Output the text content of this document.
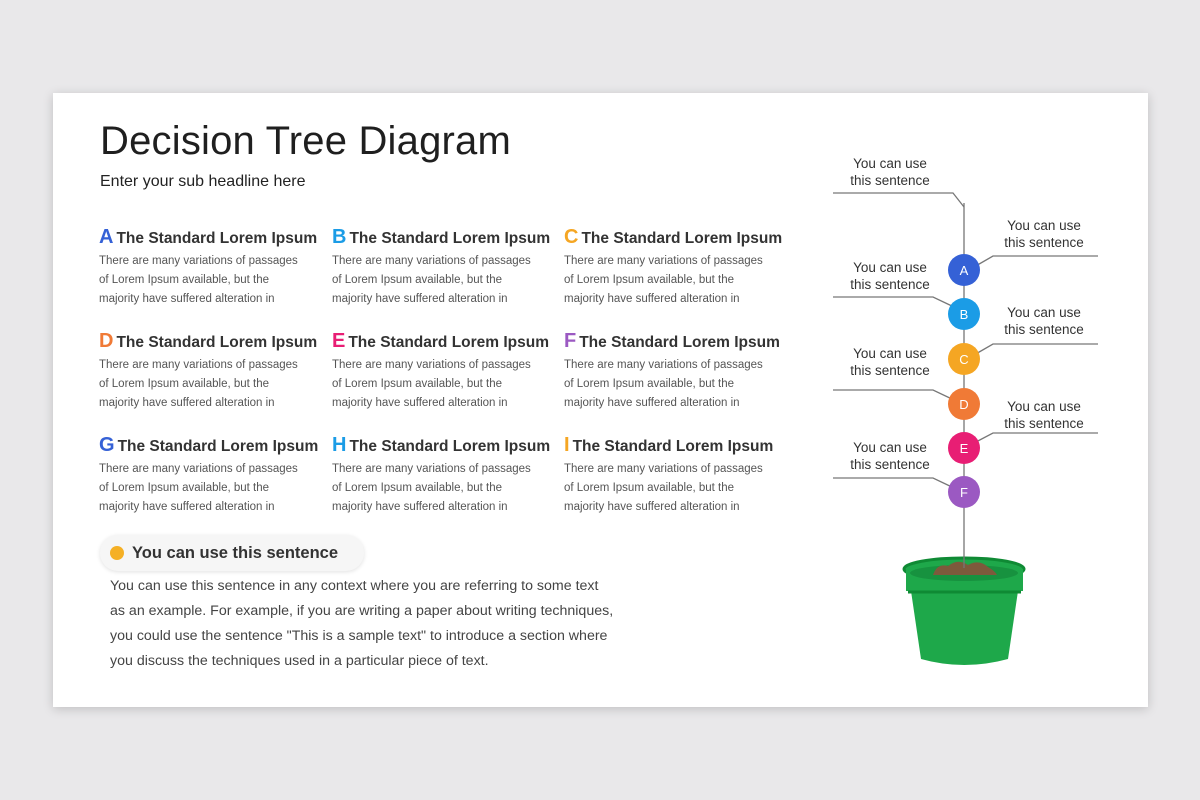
Decision Tree Diagram
Enter your sub headline here
A The Standard Lorem Ipsum
There are many variations of passages of Lorem Ipsum available, but the majority have suffered alteration in
B The Standard Lorem Ipsum
There are many variations of passages of Lorem Ipsum available, but the majority have suffered alteration in
C The Standard Lorem Ipsum
There are many variations of passages of Lorem Ipsum available, but the majority have suffered alteration in
D The Standard Lorem Ipsum
There are many variations of passages of Lorem Ipsum available, but the majority have suffered alteration in
E The Standard Lorem Ipsum
There are many variations of passages of Lorem Ipsum available, but the majority have suffered alteration in
F The Standard Lorem Ipsum
There are many variations of passages of Lorem Ipsum available, but the majority have suffered alteration in
G The Standard Lorem Ipsum
There are many variations of passages of Lorem Ipsum available, but the majority have suffered alteration in
H The Standard Lorem Ipsum
There are many variations of passages of Lorem Ipsum available, but the majority have suffered alteration in
I The Standard Lorem Ipsum
There are many variations of passages of Lorem Ipsum available, but the majority have suffered alteration in
You can use this sentence
You can use this sentence in any context where you are referring to some text as an example. For example, if you are writing a paper about writing techniques, you could use the sentence "This is a sample text" to introduce a section where you discuss the techniques used in a particular piece of text.
A
B
C
D
E
F
You can use
this sentence
You can use
this sentence
You can use
this sentence
You can use
this sentence
You can use
this sentence
You can use
this sentence
You can use
this sentence
